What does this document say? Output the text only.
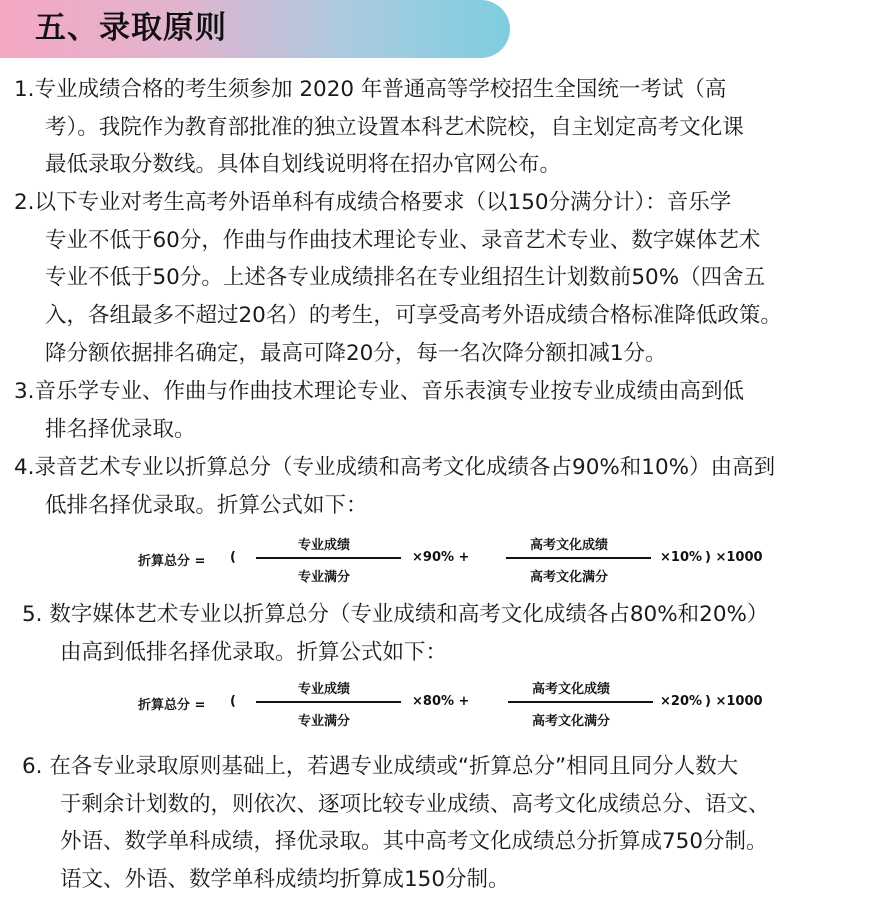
五、录取原则
1.专业成绩合格的考生须参加 2020 年普通高等学校招生全国统一考试（高
考）。我院作为教育部批准的独立设置本科艺术院校，自主划定高考文化课
最低录取分数线。具体自划线说明将在招办官网公布。
2.以下专业对考生高考外语单科有成绩合格要求（以150分满分计）：音乐学
专业不低于60分，作曲与作曲技术理论专业、录音艺术专业、数字媒体艺术
专业不低于50分。上述各专业成绩排名在专业组招生计划数前50%（四舍五
入，各组最多不超过20名）的考生，可享受高考外语成绩合格标准降低政策。
降分额依据排名确定，最高可降20分，每一名次降分额扣减1分。
3.音乐学专业、作曲与作曲技术理论专业、音乐表演专业按专业成绩由高到低
排名择优录取。
4.录音艺术专业以折算总分（专业成绩和高考文化成绩各占90%和10%）由高到
低排名择优录取。折算公式如下：
折算总分 = (
专业成绩
专业满分
×90% +
高考文化成绩
高考文化满分
×10% ) ×1000
5. 数字媒体艺术专业以折算总分（专业成绩和高考文化成绩各占80%和20%）
由高到低排名择优录取。折算公式如下：
折算总分 = (
专业成绩
专业满分
×80% +
高考文化成绩
高考文化满分
×20% ) ×1000
6. 在各专业录取原则基础上，若遇专业成绩或“折算总分”相同且同分人数大
于剩余计划数的，则依次、逐项比较专业成绩、高考文化成绩总分、语文、
外语、数学单科成绩，择优录取。其中高考文化成绩总分折算成750分制。
语文、外语、数学单科成绩均折算成150分制。
